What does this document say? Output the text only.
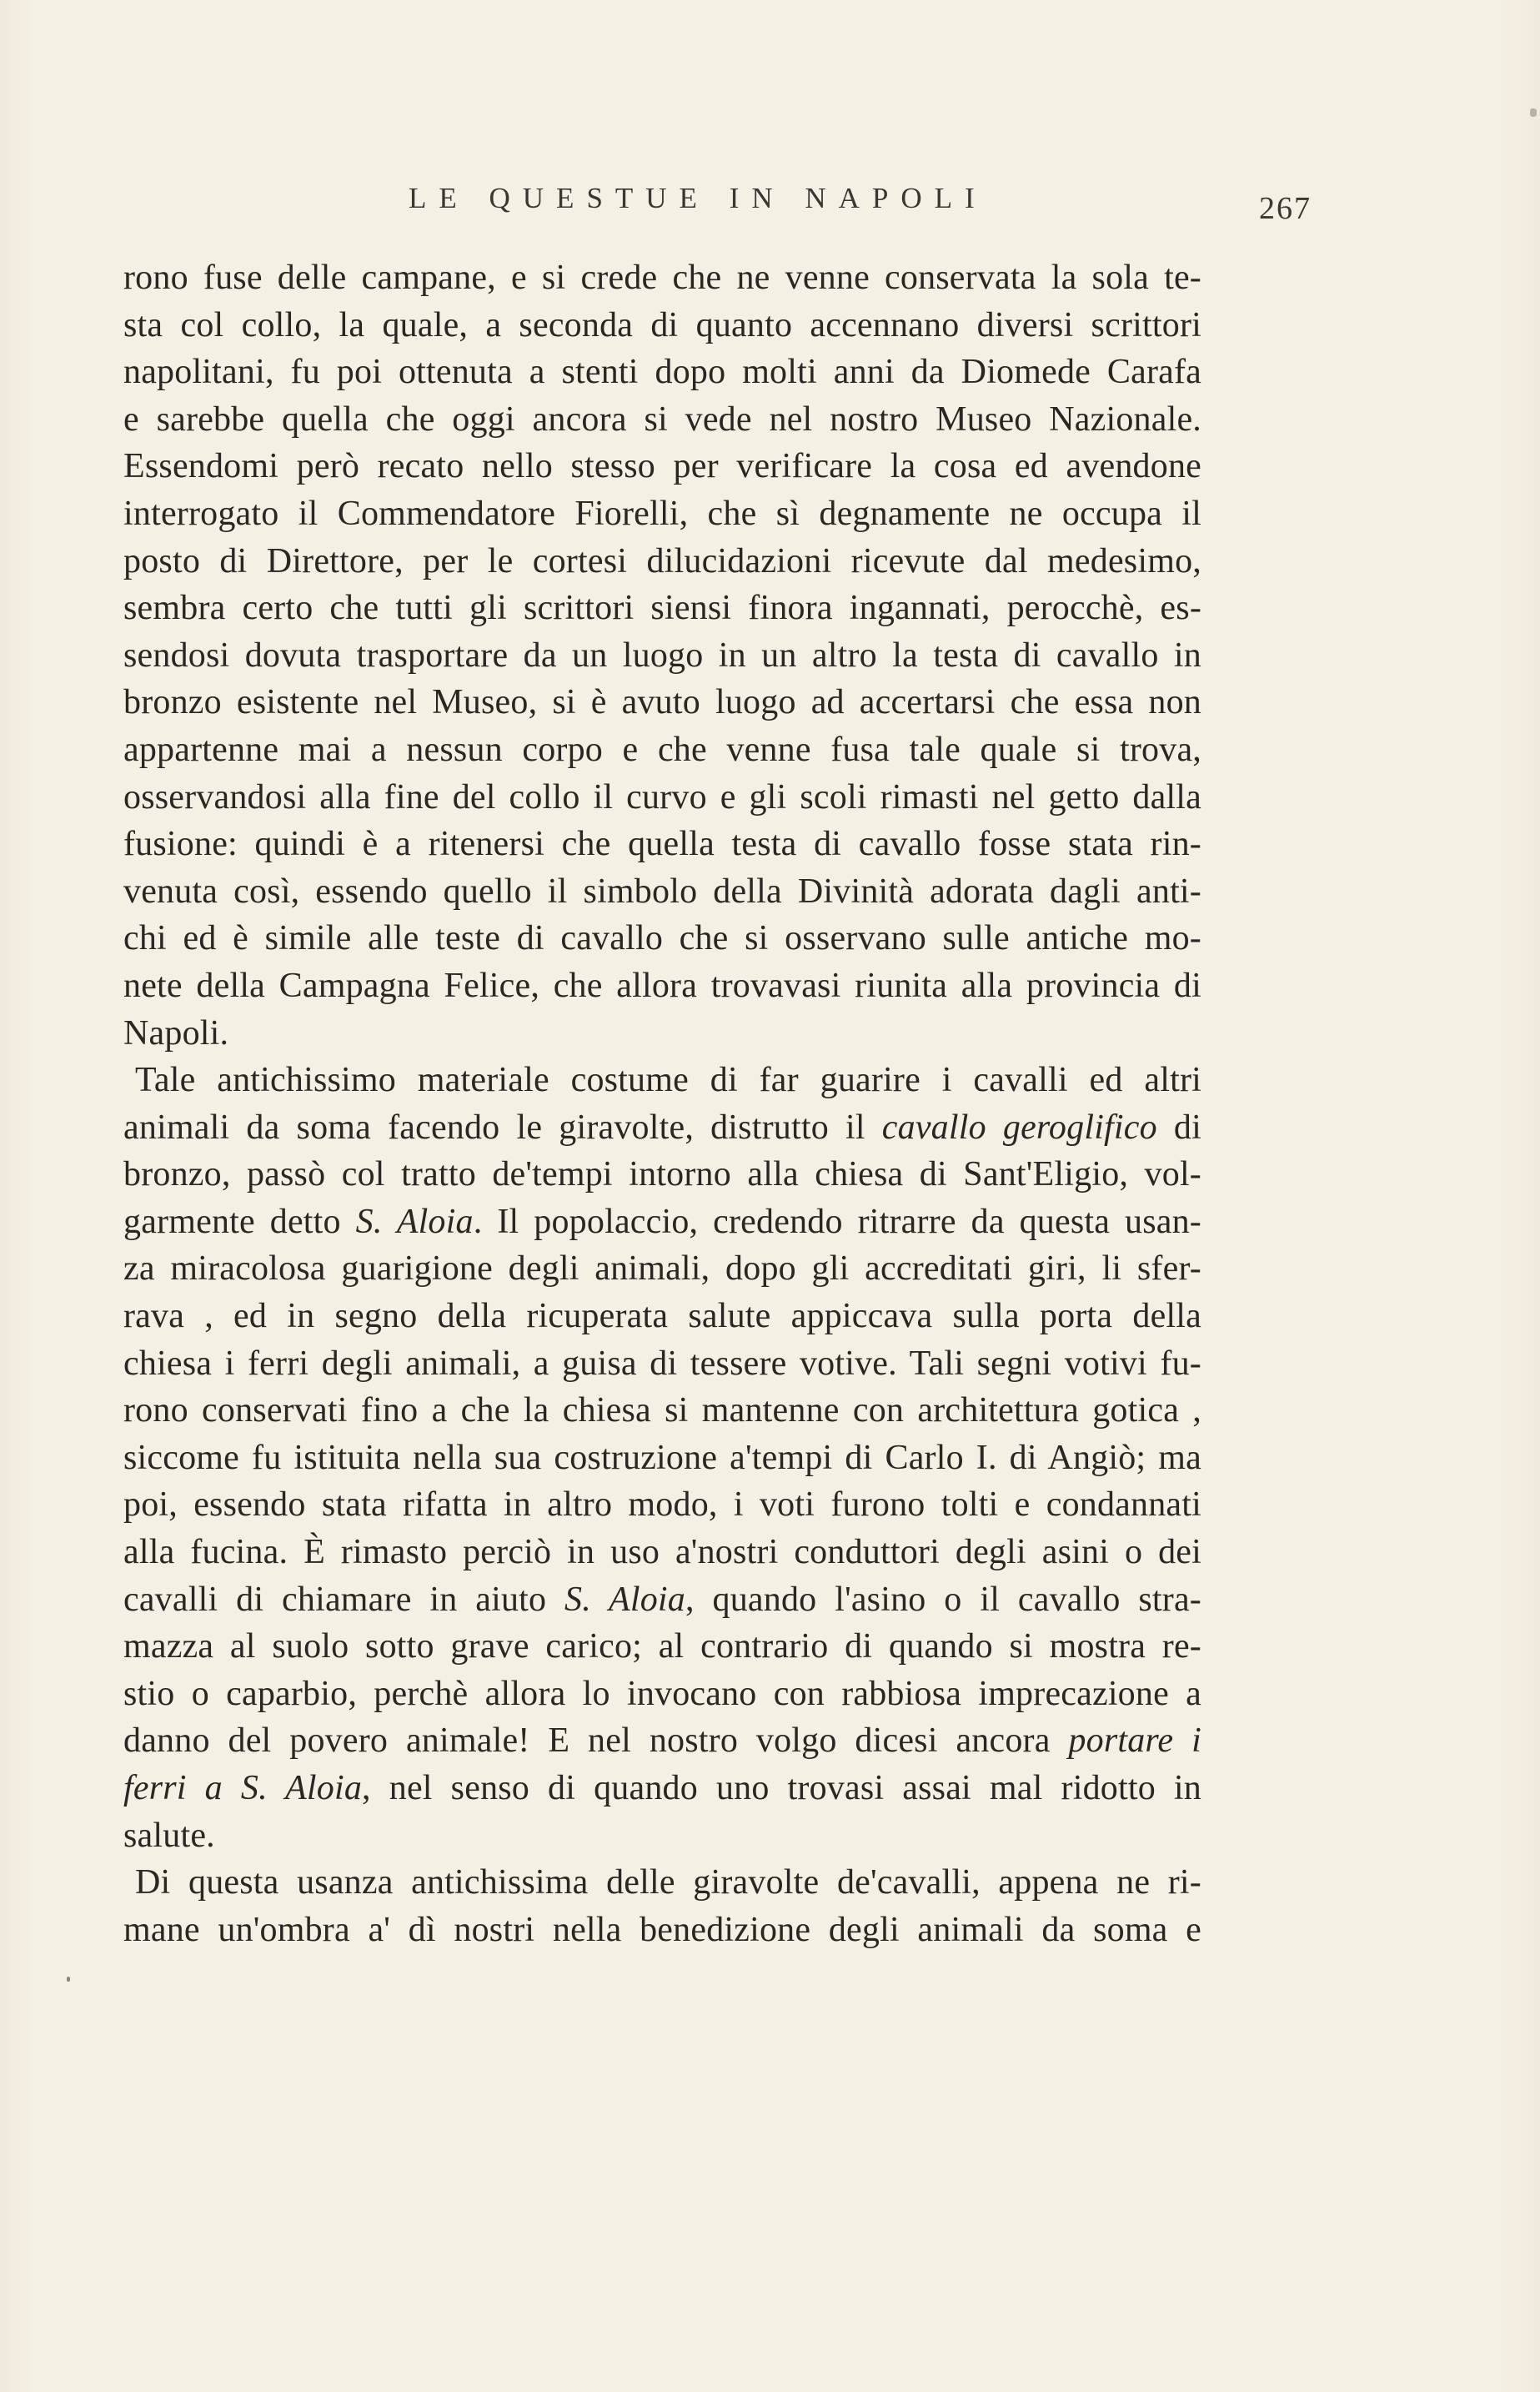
LE QUESTUE IN NAPOLI	267
rono fuse delle campane, e si crede che ne venne conservata la sola te-
sta col collo, la quale, a seconda di quanto accennano diversi scrittori
napolitani, fu poi ottenuta a stenti dopo molti anni da Diomede Carafa
e sarebbe quella che oggi ancora si vede nel nostro Museo Nazionale.
Essendomi però recato nello stesso per verificare la cosa ed avendone
interrogato il Commendatore Fiorelli, che sì degnamente ne occupa il
posto di Direttore, per le cortesi dilucidazioni ricevute dal medesimo,
sembra certo che tutti gli scrittori siensi finora ingannati, perocchè, es-
sendosi dovuta trasportare da un luogo in un altro la testa di cavallo in
bronzo esistente nel Museo, si è avuto luogo ad accertarsi che essa non
appartenne mai a nessun corpo e che venne fusa tale quale si trova,
osservandosi alla fine del collo il curvo e gli scoli rimasti nel getto dalla
fusione: quindi è a ritenersi che quella testa di cavallo fosse stata rin-
venuta così, essendo quello il simbolo della Divinità adorata dagli anti-
chi ed è simile alle teste di cavallo che si osservano sulle antiche mo-
nete della Campagna Felice, che allora trovavasi riunita alla provincia di
Napoli.
Tale antichissimo materiale costume di far guarire i cavalli ed altri
animali da soma facendo le giravolte, distrutto il cavallo geroglifico di
bronzo, passò col tratto de'tempi intorno alla chiesa di Sant'Eligio, vol-
garmente detto S. Aloia. Il popolaccio, credendo ritrarre da questa usan-
za miracolosa guarigione degli animali, dopo gli accreditati giri, li sfer-
rava , ed in segno della ricuperata salute appiccava sulla porta della
chiesa i ferri degli animali, a guisa di tessere votive. Tali segni votivi fu-
rono conservati fino a che la chiesa si mantenne con architettura gotica ,
siccome fu istituita nella sua costruzione a'tempi di Carlo I. di Angiò; ma
poi, essendo stata rifatta in altro modo, i voti furono tolti e condannati
alla fucina. È rimasto perciò in uso a'nostri conduttori degli asini o dei
cavalli di chiamare in aiuto S. Aloia, quando l'asino o il cavallo stra-
mazza al suolo sotto grave carico; al contrario di quando si mostra re-
stio o caparbio, perchè allora lo invocano con rabbiosa imprecazione a
danno del povero animale! E nel nostro volgo dicesi ancora portare i
ferri a S. Aloia, nel senso di quando uno trovasi assai mal ridotto in
salute.
Di questa usanza antichissima delle giravolte de'cavalli, appena ne ri-
mane un'ombra a' dì nostri nella benedizione degli animali da soma e
